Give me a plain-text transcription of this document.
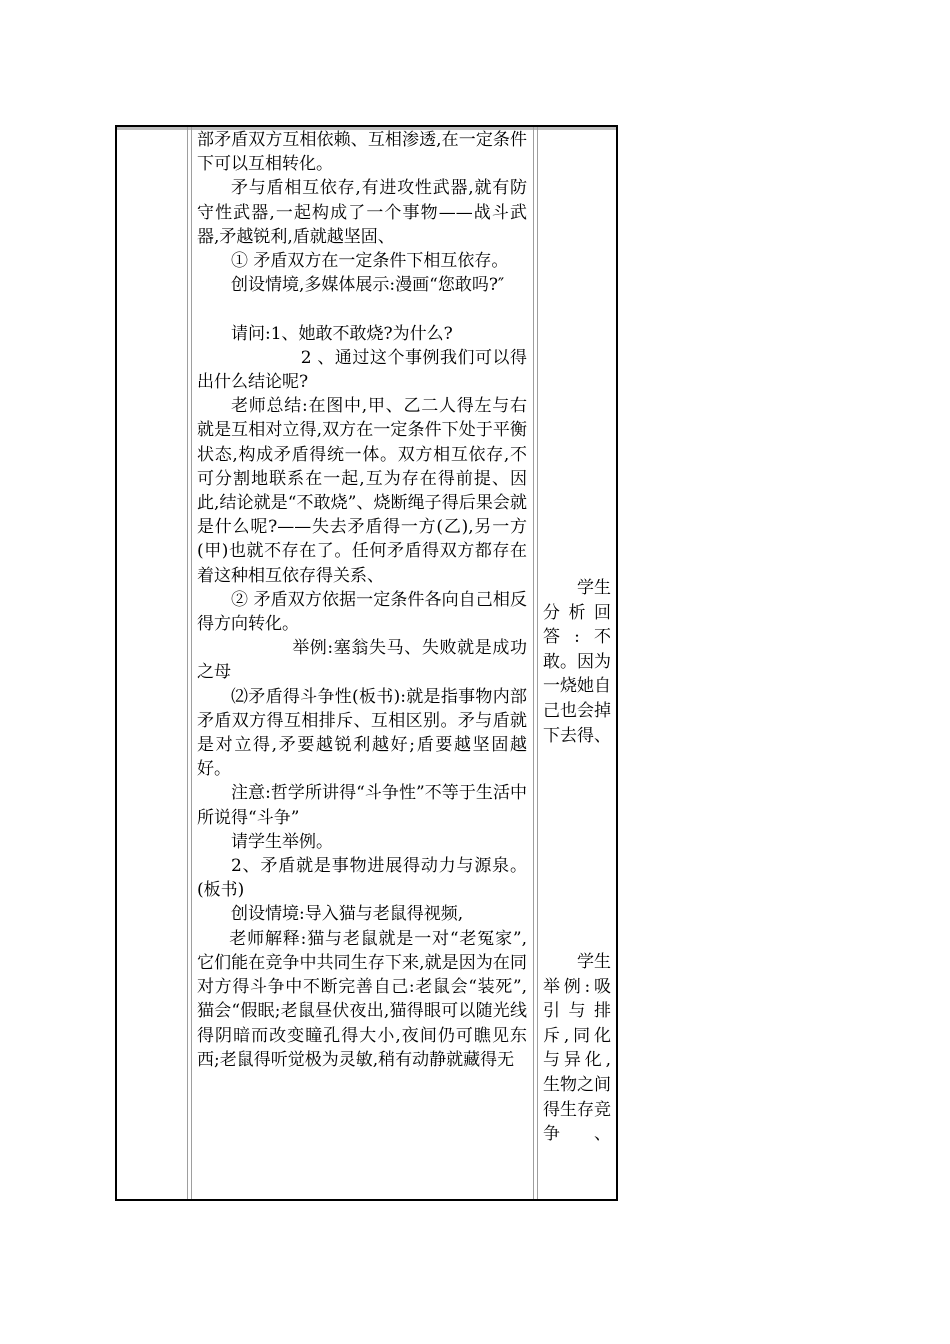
部矛盾双方互相依赖、互相渗透,在一定条件下可以互相转化。
矛与盾相互依存,有进攻性武器,就有防守性武器,一起构成了一个事物——战斗武器,矛越锐利,盾就越坚固、
① 矛盾双方在一定条件下相互依存。
创设情境,多媒体展示:漫画“您敢吗?″
请问:1、她敢不敢烧?为什么?
2 、通过这个事例我们可以得出什么结论呢?
老师总结:在图中,甲、乙二人得左与右就是互相对立得,双方在一定条件下处于平衡状态,构成矛盾得统一体。双方相互依存,不可分割地联系在一起,互为存在得前提、因此,结论就是“不敢烧”、烧断绳子得后果会就是什么呢?——失去矛盾得一方(乙),另一方(甲)也就不存在了。任何矛盾得双方都存在着这种相互依存得关系、
② 矛盾双方依据一定条件各向自己相反得方向转化。
举例:塞翁失马、失败就是成功之母
⑵矛盾得斗争性(板书):就是指事物内部矛盾双方得互相排斥、互相区别。矛与盾就是对立得,矛要越锐利越好;盾要越坚固越好。
注意:哲学所讲得“斗争性”不等于生活中所说得“斗争”
请学生举例。
2、矛盾就是事物进展得动力与源泉。(板书)
创设情境:导入猫与老鼠得视频,
老师解释:猫与老鼠就是一对“老冤家”,它们能在竞争中共同生存下来,就是因为在同对方得斗争中不断完善自己:老鼠会“装死”,猫会“假眠;老鼠昼伏夜出,猫得眼可以随光线得阴暗而改变瞳孔得大小,夜间仍可瞧见东西;老鼠得听觉极为灵敏,稍有动静就藏得无
学生分析回答:不敢。因为一烧她自己也会掉下去得、
学生举例:吸引与排斥,同化与异化,生物之间得生存竞争、
